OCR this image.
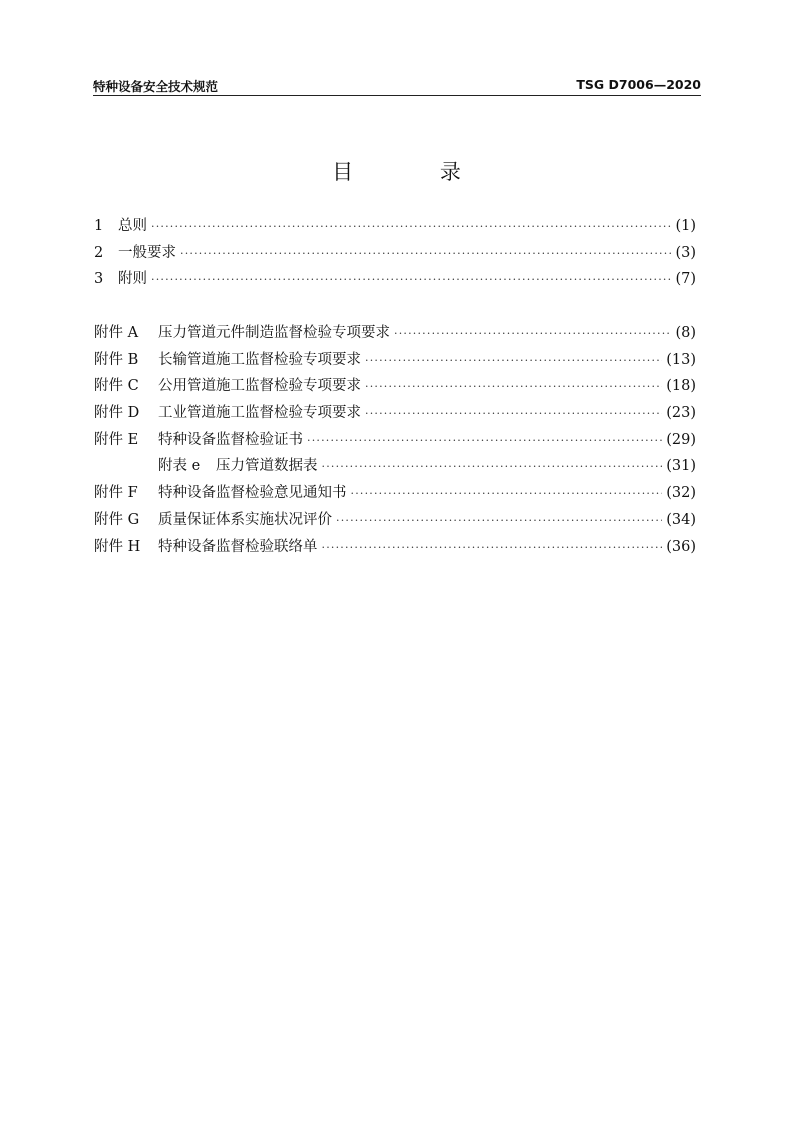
特种设备安全技术规范	TSG D7006—2020
目 录
1	总则 ·····	(1)
2	一般要求 ·····	(3)
3	附则 ·····	(7)
附件 A	压力管道元件制造监督检验专项要求 ·····	(8)
附件 B	长输管道施工监督检验专项要求 ·····	(13)
附件 C	公用管道施工监督检验专项要求 ·····	(18)
附件 D	工业管道施工监督检验专项要求 ·····	(23)
附件 E	特种设备监督检验证书 ·····	(29)
附表 e	压力管道数据表 ·····	(31)
附件 F	特种设备监督检验意见通知书 ·····	(32)
附件 G	质量保证体系实施状况评价 ·····	(34)
附件 H	特种设备监督检验联络单 ·····	(36)
